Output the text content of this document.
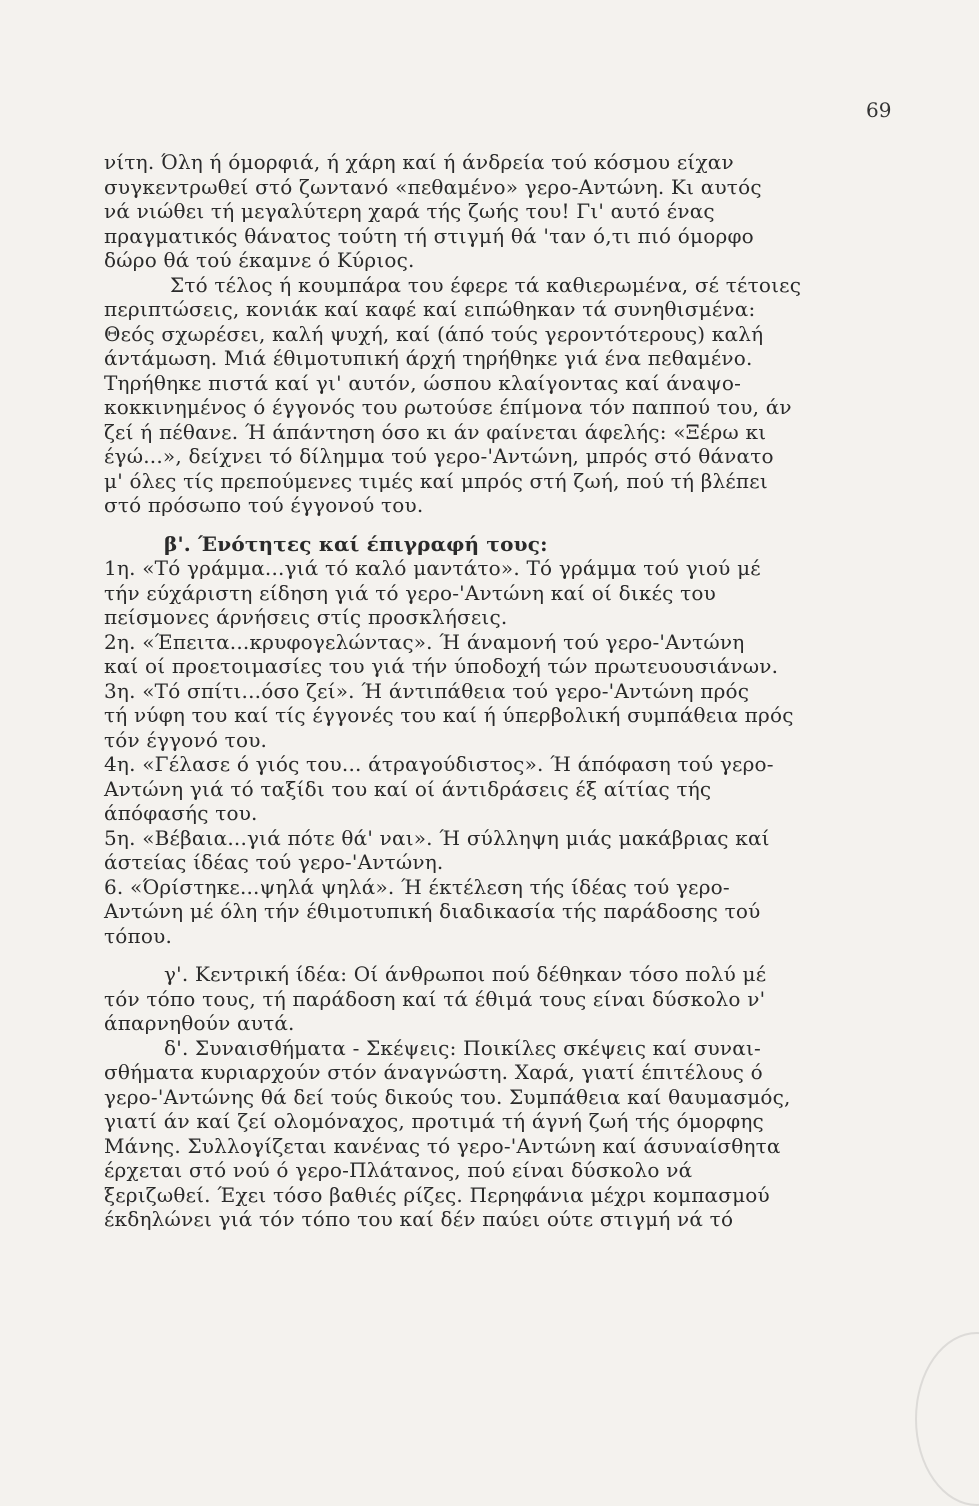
69
νίτη. Όλη ή όμορφιά, ή χάρη καί ή άνδρεία τού κόσμου είχαν
συγκεντρωθεί στό ζωντανό «πεθαμένο» γερο-Αντώνη. Κι αυτός
νά νιώθει τή μεγαλύτερη χαρά τής ζωής του! Γι' αυτό ένας
πραγματικός θάνατος τούτη τή στιγμή θά 'ταν ό,τι πιό όμορφο
δώρο θά τού έκαμνε ό Κύριος.
Στό τέλος ή κουμπάρα του έφερε τά καθιερωμένα, σέ τέτοιες
περιπτώσεις, κονιάκ καί καφέ καί ειπώθηκαν τά συνηθισμένα:
Θεός σχωρέσει, καλή ψυχή, καί (άπό τούς γεροντότερους) καλή
άντάμωση. Μιά έθιμοτυπική άρχή τηρήθηκε γιά ένα πεθαμένο.
Τηρήθηκε πιστά καί γι' αυτόν, ώσπου κλαίγοντας καί άναψο-
κοκκινημένος ό έγγονός του ρωτούσε έπίμονα τόν παππού του, άν
ζεί ή πέθανε. Ή άπάντηση όσο κι άν φαίνεται άφελής: «Ξέρω κι
έγώ...», δείχνει τό δίλημμα τού γερο-'Αντώνη, μπρός στό θάνατο
μ' όλες τίς πρεπούμενες τιμές καί μπρός στή ζωή, πού τή βλέπει
στό πρόσωπο τού έγγονού του.
β'. Ένότητες καί έπιγραφή τους:
1η. «Τό γράμμα...γιά τό καλό μαντάτο». Τό γράμμα τού γιού μέ
τήν εύχάριστη είδηση γιά τό γερο-'Αντώνη καί οί δικές του
πείσμονες άρνήσεις στίς προσκλήσεις.
2η. «Έπειτα...κρυφογελώντας». Ή άναμονή τού γερο-'Αντώνη
καί οί προετοιμασίες του γιά τήν ύποδοχή τών πρωτευουσιάνων.
3η. «Τό σπίτι...όσο ζεί». Ή άντιπάθεια τού γερο-'Αντώνη πρός
τή νύφη του καί τίς έγγονές του καί ή ύπερβολική συμπάθεια πρός
τόν έγγονό του.
4η. «Γέλασε ό γιός του... άτραγούδιστος». Ή άπόφαση τού γερο-
Αντώνη γιά τό ταξίδι του καί οί άντιδράσεις έξ αίτίας τής
άπόφασής του.
5η. «Βέβαια...γιά πότε θά' ναι». Ή σύλληψη μιάς μακάβριας καί
άστείας ίδέας τού γερο-'Αντώνη.
6. «Όρίστηκε...ψηλά ψηλά». Ή έκτέλεση τής ίδέας τού γερο-
Αντώνη μέ όλη τήν έθιμοτυπική διαδικασία τής παράδοσης τού
τόπου.
γ'. Κεντρική ίδέα: Οί άνθρωποι πού δέθηκαν τόσο πολύ μέ
τόν τόπο τους, τή παράδοση καί τά έθιμά τους είναι δύσκολο ν'
άπαρνηθούν αυτά.
δ'. Συναισθήματα - Σκέψεις: Ποικίλες σκέψεις καί συναι-
σθήματα κυριαρχούν στόν άναγνώστη. Χαρά, γιατί έπιτέλους ό
γερο-'Αντώνης θά δεί τούς δικούς του. Συμπάθεια καί θαυμασμός,
γιατί άν καί ζεί ολομόναχος, προτιμά τή άγνή ζωή τής όμορφης
Μάνης. Συλλογίζεται κανένας τό γερο-'Αντώνη καί άσυναίσθητα
έρχεται στό νού ό γερο-Πλάτανος, πού είναι δύσκολο νά
ξεριζωθεί. Έχει τόσο βαθιές ρίζες. Περηφάνια μέχρι κομπασμού
έκδηλώνει γιά τόν τόπο του καί δέν παύει ούτε στιγμή νά τό
